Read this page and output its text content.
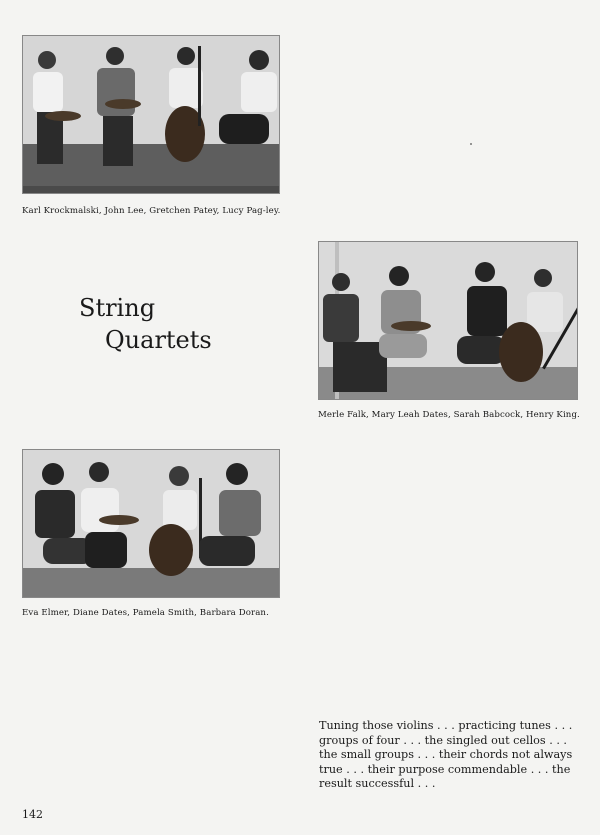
Karl Krockmalski, John Lee, Gretchen Patey, Lucy Pag-ley.
String
Quartets
Merle Falk, Mary Leah Dates, Sarah Babcock, Henry King.
Eva Elmer, Diane Dates, Pamela Smith, Barbara Doran.
Tuning those violins . . . practicing tunes . . . groups of four . . . the singled out cellos . . . the small groups . . . their chords not always true . . . their purpose commendable . . . the result successful . . .
142
